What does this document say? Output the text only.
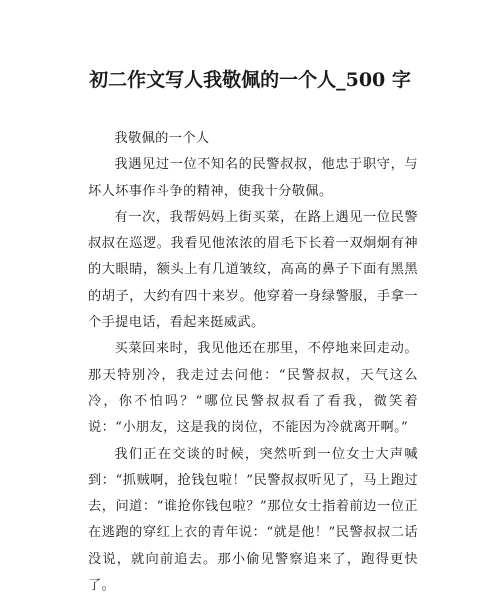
初二作文写人我敬佩的一个人_500 字

我敬佩的一个人

我遇见过一位不知名的民警叔叔，他忠于职守，与坏人坏事作斗争的精神，使我十分敬佩。

有一次，我帮妈妈上街买菜，在路上遇见一位民警叔叔在巡逻。我看见他浓浓的眉毛下长着一双炯炯有神的大眼睛，额头上有几道皱纹，高高的鼻子下面有黑黑的胡子，大约有四十来岁。他穿着一身绿警服，手拿一个手提电话，看起来挺威武。

买菜回来时，我见他还在那里，不停地来回走动。那天特别冷，我走过去问他：“民警叔叔，天气这么冷，你不怕吗？”哪位民警叔叔看了看我，微笑着说：“小朋友，这是我的岗位，不能因为冷就离开啊。”

我们正在交谈的时候，突然听到一位女士大声喊到：“抓贼啊，抢钱包啦！”民警叔叔听见了，马上跑过去，问道：“谁抢你钱包啦？”那位女士指着前边一位正在逃跑的穿红上衣的青年说：“就是他！”民警叔叔二话没说，就向前追去。那小偷见警察追来了，跑得更快了。
